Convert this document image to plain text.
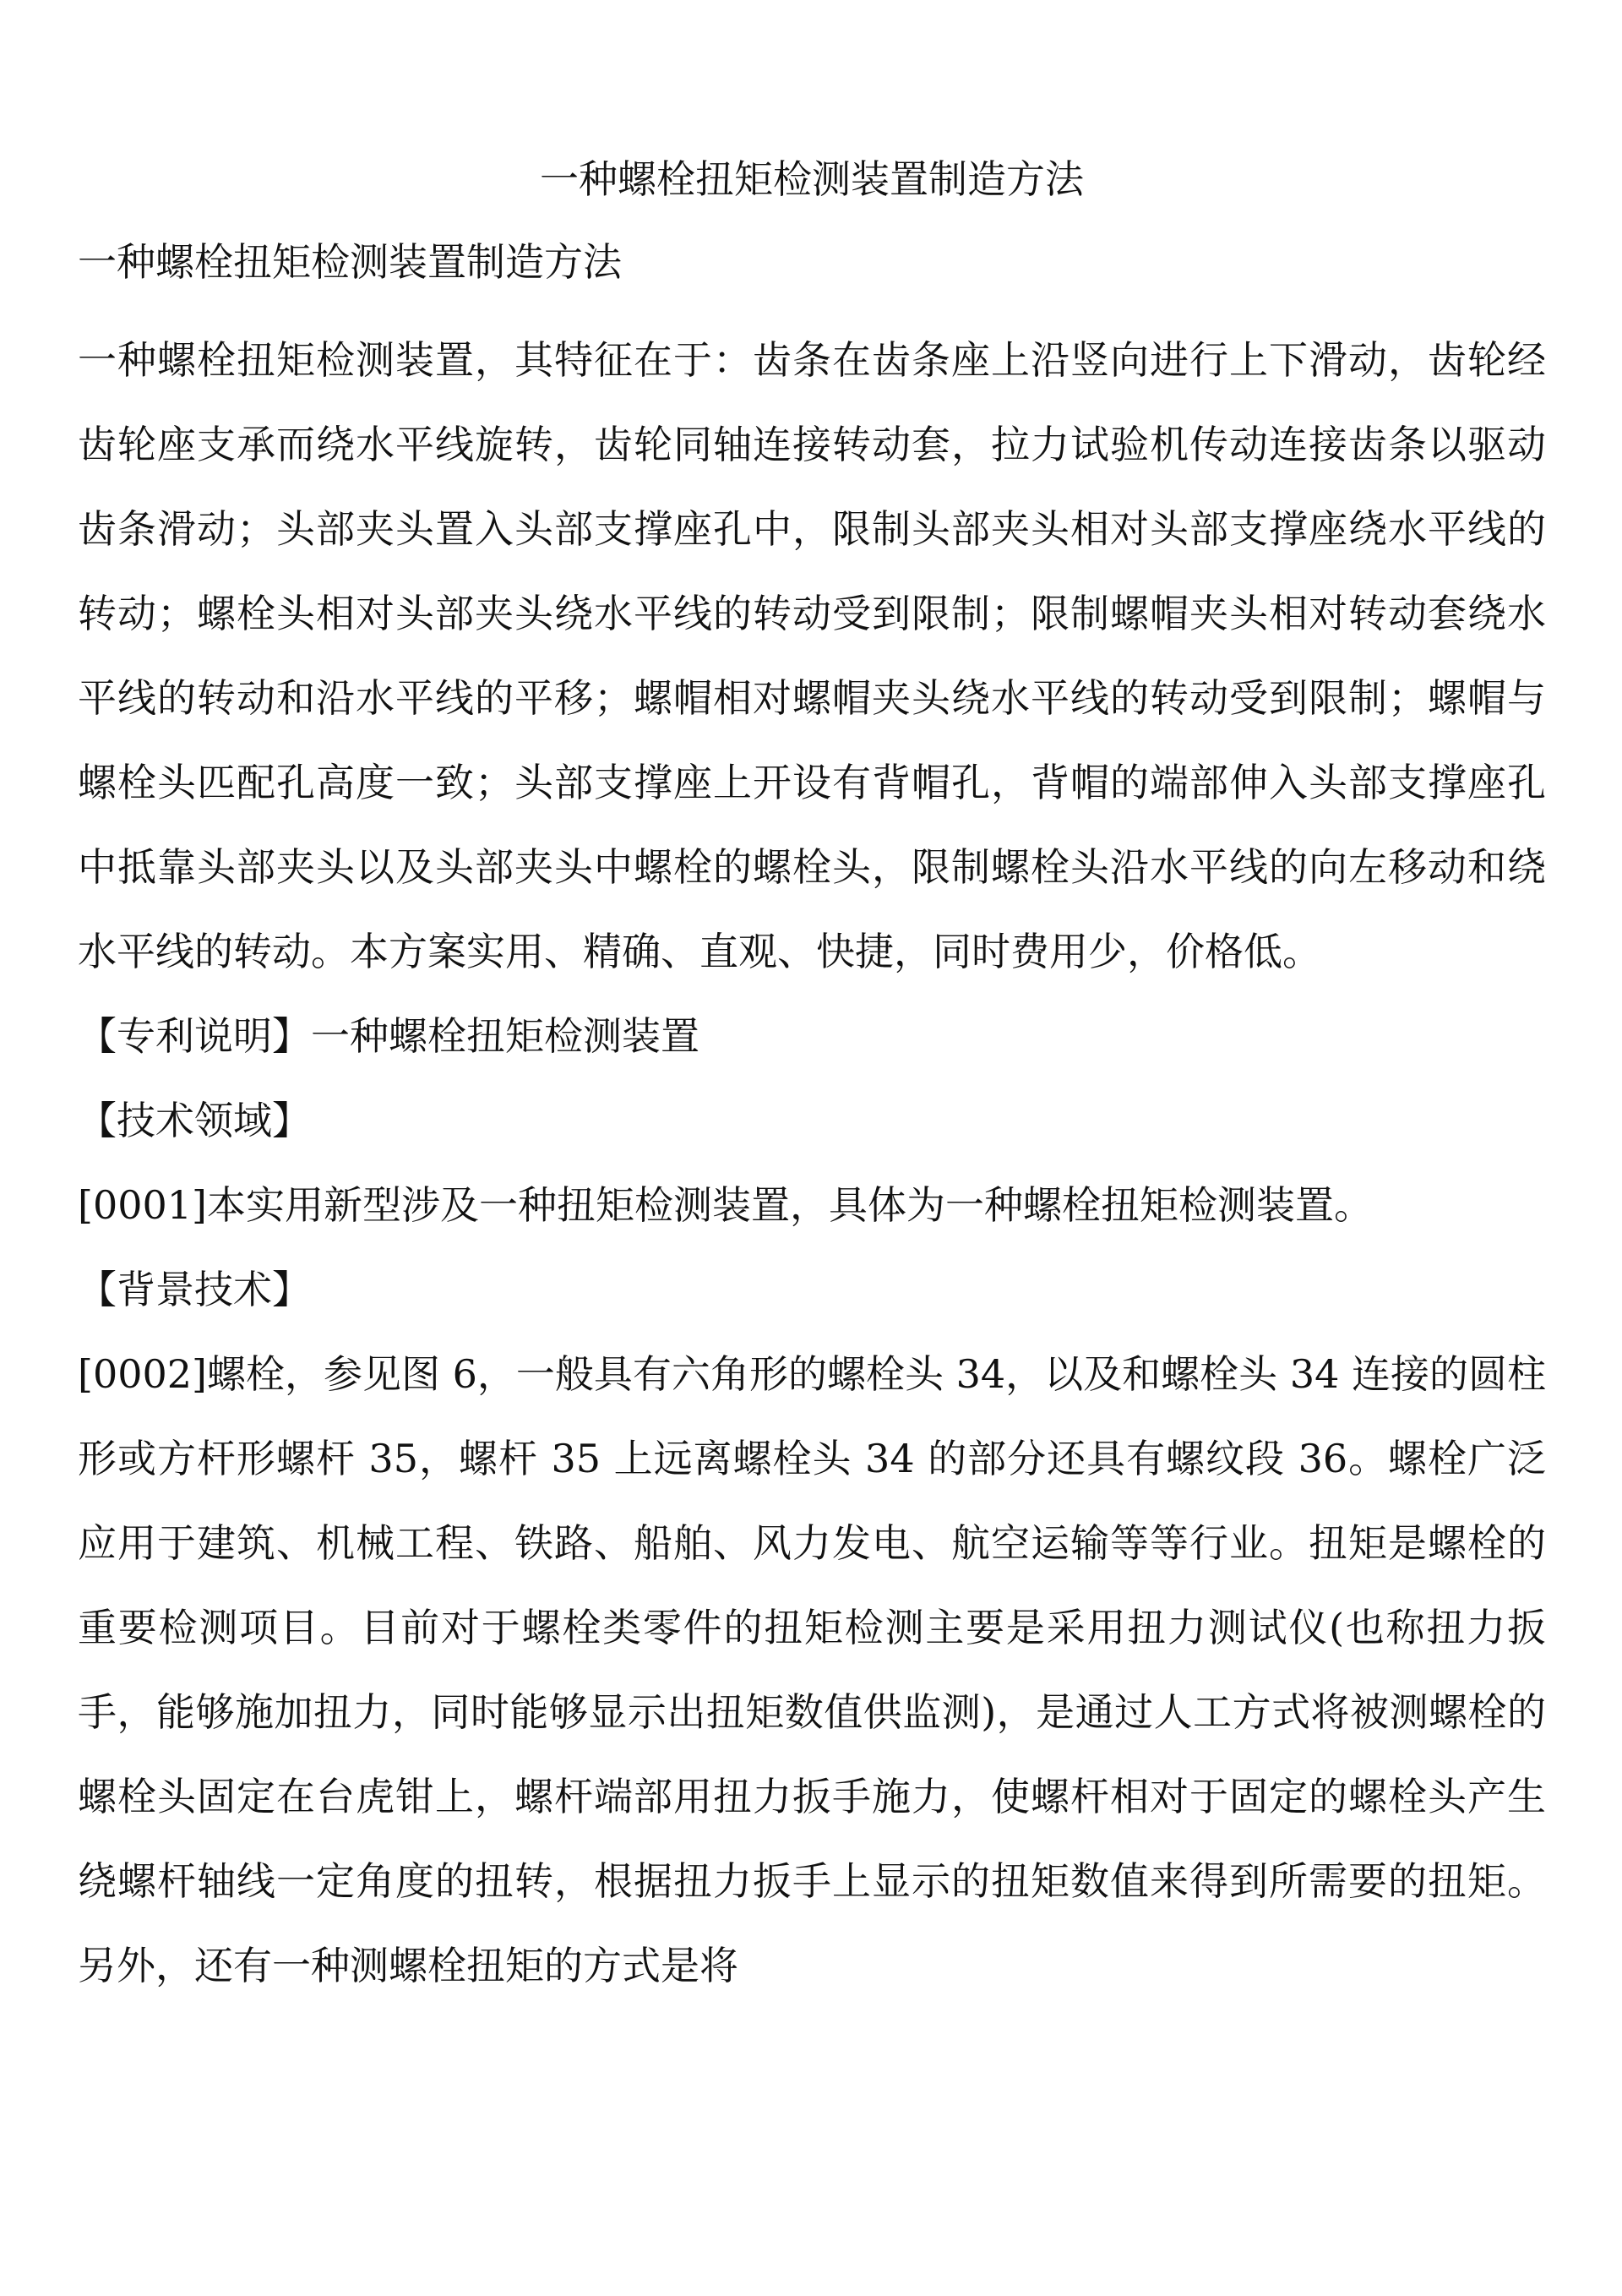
一种螺栓扭矩检测装置制造方法
一种螺栓扭矩检测装置制造方法

一种螺栓扭矩检测装置，其特征在于：齿条在齿条座上沿竖向进行上下滑动，齿轮经齿轮座支承而绕水平线旋转，齿轮同轴连接转动套，拉力试验机传动连接齿条以驱动齿条滑动；头部夹头置入头部支撑座孔中，限制头部夹头相对头部支撑座绕水平线的转动；螺栓头相对头部夹头绕水平线的转动受到限制；限制螺帽夹头相对转动套绕水平线的转动和沿水平线的平移；螺帽相对螺帽夹头绕水平线的转动受到限制；螺帽与螺栓头匹配孔高度一致；头部支撑座上开设有背帽孔，背帽的端部伸入头部支撑座孔中抵靠头部夹头以及头部夹头中螺栓的螺栓头，限制螺栓头沿水平线的向左移动和绕水平线的转动。本方案实用、精确、直观、快捷，同时费用少，价格低。

【专利说明】一种螺栓扭矩检测装置
【技术领域】
[0001]本实用新型涉及一种扭矩检测装置，具体为一种螺栓扭矩检测装置。
【背景技术】

[0002]螺栓，参见图 6，一般具有六角形的螺栓头 34，以及和螺栓头 34 连接的圆柱形或方杆形螺杆 35，螺杆 35 上远离螺栓头 34 的部分还具有螺纹段 36。螺栓广泛应用于建筑、机械工程、铁路、船舶、风力发电、航空运输等等行业。扭矩是螺栓的重要检测项目。目前对于螺栓类零件的扭矩检测主要是采用扭力测试仪(也称扭力扳手，能够施加扭力，同时能够显示出扭矩数值供监测)，是通过人工方式将被测螺栓的螺栓头固定在台虎钳上，螺杆端部用扭力扳手施力，使螺杆相对于固定的螺栓头产生绕螺杆轴线一定角度的扭转，根据扭力扳手上显示的扭矩数值来得到所需要的扭矩。另外，还有一种测螺栓扭矩的方式是将
